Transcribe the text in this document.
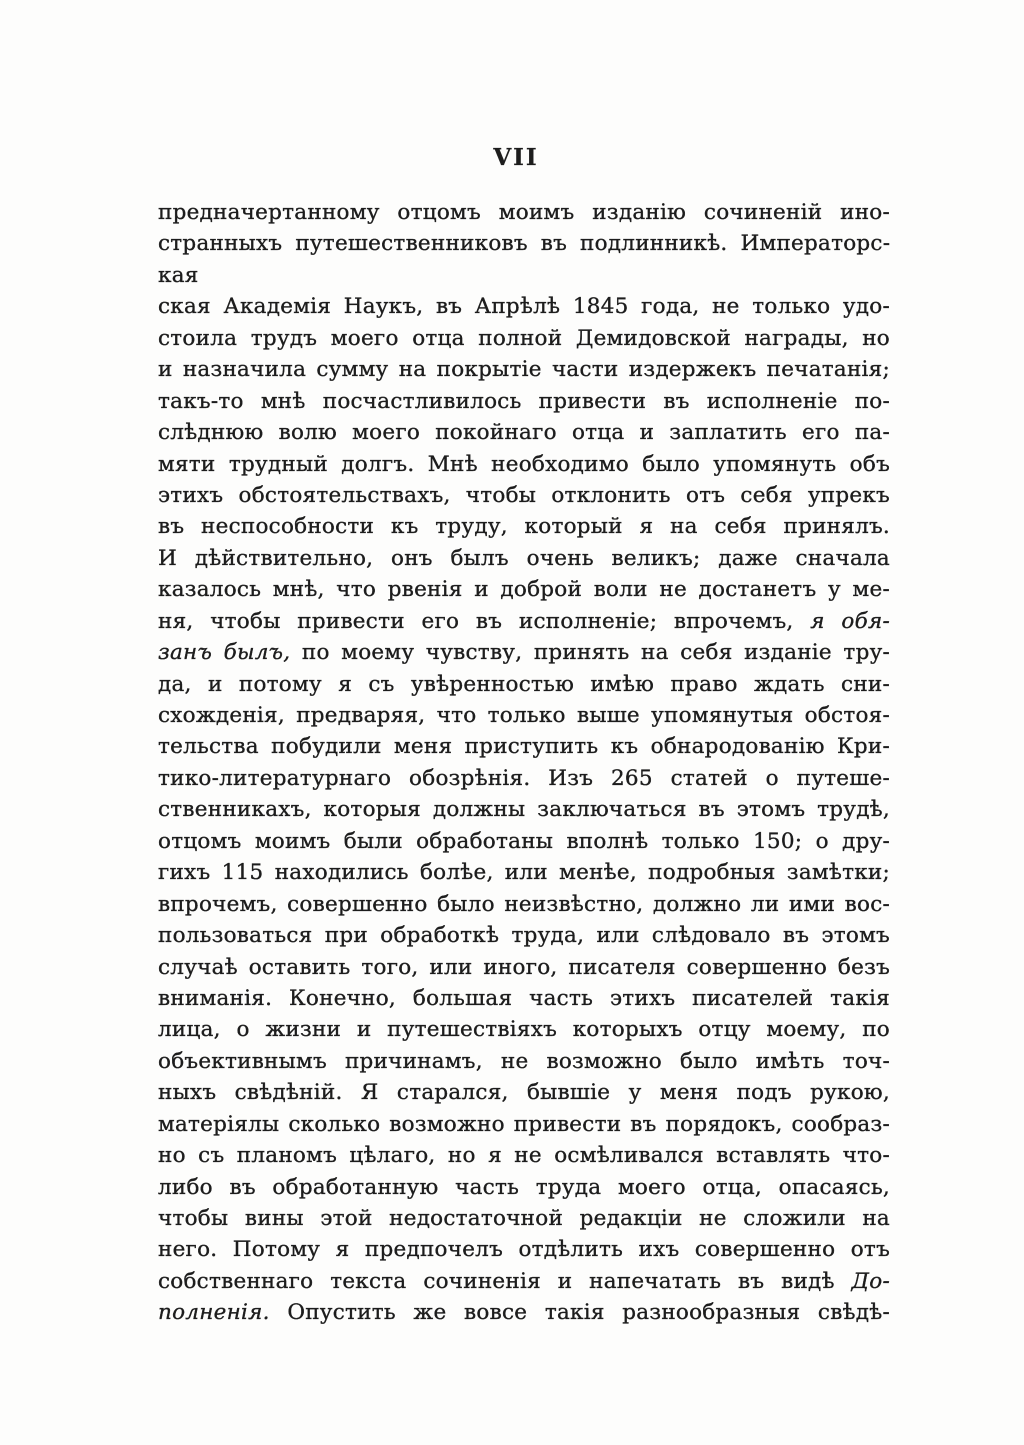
VII
предначертанному отцомъ моимъ изданію сочиненій ино-
странныхъ путешественниковъ въ подлинникѣ. Императорская
ская Академія Наукъ, въ Апрѣлѣ 1845 года, не только удо-
стоила трудъ моего отца полной Демидовской награды, но
и назначила сумму на покрытіе части издержекъ печатанія;
такъ-то мнѣ посчастливилось привести въ исполненіе по-
слѣднюю волю моего покойнаго отца и заплатить его па-
мяти трудный долгъ. Мнѣ необходимо было упомянуть объ
этихъ обстоятельствахъ, чтобы отклонить отъ себя упрекъ
въ неспособности къ труду, который я на себя принялъ.
И дѣйствительно, онъ былъ очень великъ; даже сначала
казалось мнѣ, что рвенія и доброй воли не достанетъ у ме-
ня, чтобы привести его въ исполненіе; впрочемъ, я обя-
занъ былъ, по моему чувству, принять на себя изданіе тру-
да, и потому я съ увѣренностью имѣю право ждать сни-
схожденія, предваряя, что только выше упомянутыя обстоя-
тельства побудили меня приступить къ обнародованію Кри-
тико-литературнаго обозрѣнія. Изъ 265 статей о путеше-
ственникахъ, которыя должны заключаться въ этомъ трудѣ,
отцомъ моимъ были обработаны вполнѣ только 150; о дру-
гихъ 115 находились болѣе, или менѣе, подробныя замѣтки;
впрочемъ, совершенно было неизвѣстно, должно ли ими вос-
пользоваться при обработкѣ труда, или слѣдовало въ этомъ
случаѣ оставить того, или иного, писателя совершенно безъ
вниманія. Конечно, большая часть этихъ писателей такія
лица, о жизни и путешествіяхъ которыхъ отцу моему, по
объективнымъ причинамъ, не возможно было имѣть точ-
ныхъ свѣдѣній. Я старался, бывшіе у меня подъ рукою,
матеріялы сколько возможно привести въ порядокъ, сообраз-
но съ планомъ цѣлаго, но я не осмѣливался вставлять что-
либо въ обработанную часть труда моего отца, опасаясь,
чтобы вины этой недостаточной редакціи не сложили на
него. Потому я предпочелъ отдѣлить ихъ совершенно отъ
собственнаго текста сочиненія и напечатать въ видѣ До-
полненія. Опустить же вовсе такія разнообразныя свѣдѣ-
